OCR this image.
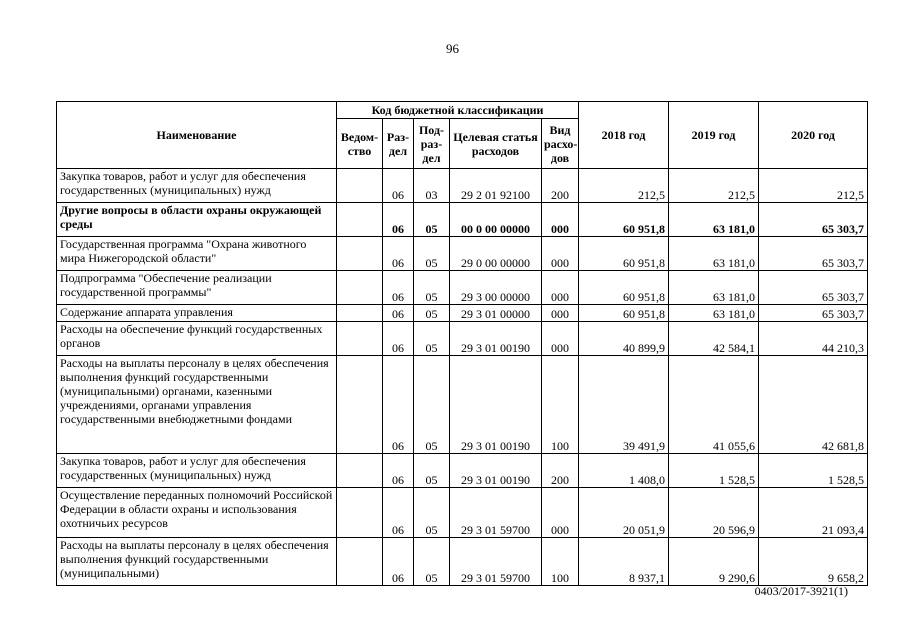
96
Наименование	Код бюджетной классификации					2018 год	2019 год	2020 год
	Ведом-ство	Раз-дел	Под-раз-дел	Целевая статья расходов	Вид расхо-дов			
Закупка товаров, работ и услуг для обеспечения государственных (муниципальных) нужд		06	03	29 2 01 92100	200	212,5	212,5	212,5
Другие вопросы в области охраны окружающей среды		06	05	00 0 00 00000	000	60 951,8	63 181,0	65 303,7
Государственная программа "Охрана животного мира Нижегородской области"		06	05	29 0 00 00000	000	60 951,8	63 181,0	65 303,7
Подпрограмма "Обеспечение реализации государственной программы"		06	05	29 3 00 00000	000	60 951,8	63 181,0	65 303,7
Содержание аппарата управления		06	05	29 3 01 00000	000	60 951,8	63 181,0	65 303,7
Расходы на обеспечение функций государственных органов		06	05	29 3 01 00190	000	40 899,9	42 584,1	44 210,3
Расходы на выплаты персоналу в целях обеспечения выполнения функций государственными (муниципальными) органами, казенными учреждениями, органами управления государственными внебюджетными фондами		06	05	29 3 01 00190	100	39 491,9	41 055,6	42 681,8
Закупка товаров, работ и услуг для обеспечения государственных (муниципальных) нужд		06	05	29 3 01 00190	200	1 408,0	1 528,5	1 528,5
Осуществление переданных полномочий Российской Федерации в области охраны и использования охотничьих ресурсов		06	05	29 3 01 59700	000	20 051,9	20 596,9	21 093,4
Расходы на выплаты персоналу в целях обеспечения выполнения функций государственными (муниципальными)		06	05	29 3 01 59700	100	8 937,1	9 290,6	9 658,2
0403/2017-3921(1)
